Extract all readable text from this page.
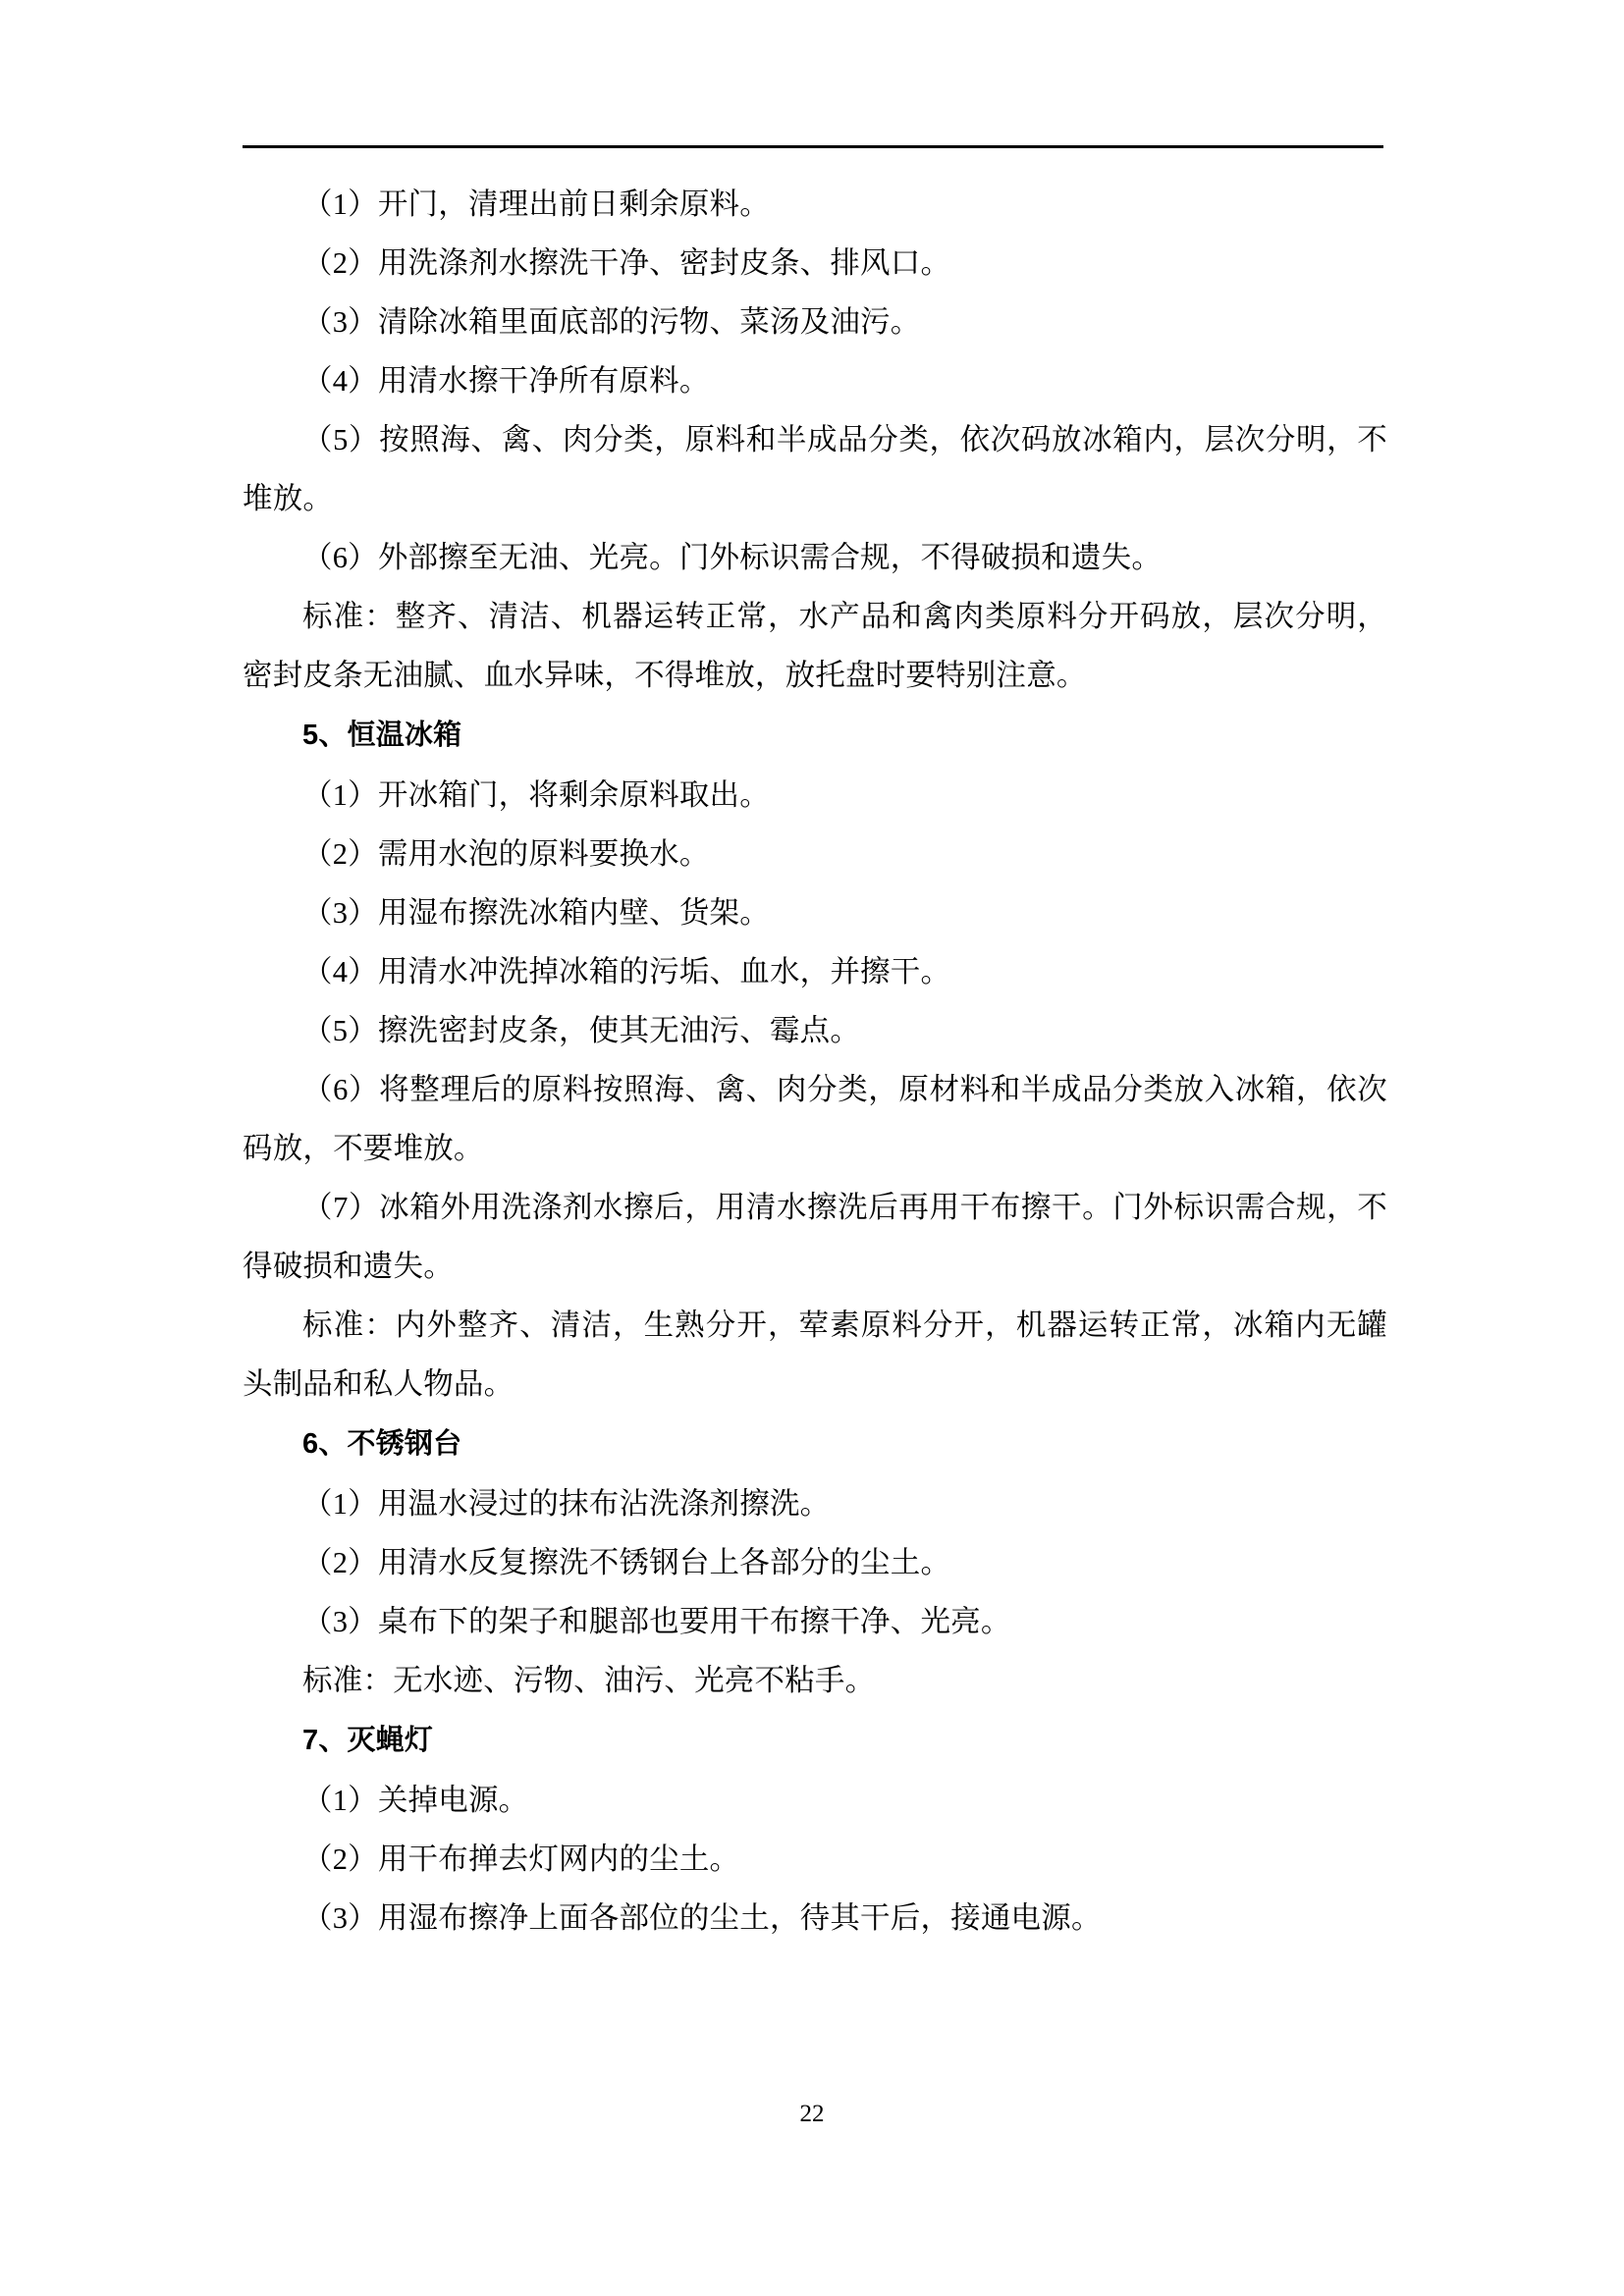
（1）开门，清理出前日剩余原料。

（2）用洗涤剂水擦洗干净、密封皮条、排风口。

（3）清除冰箱里面底部的污物、菜汤及油污。

（4）用清水擦干净所有原料。

（5）按照海、禽、肉分类，原料和半成品分类，依次码放冰箱内，层次分明，不堆放。

（6）外部擦至无油、光亮。门外标识需合规，不得破损和遗失。

标准：整齐、清洁、机器运转正常，水产品和禽肉类原料分开码放，层次分明，密封皮条无油腻、血水异味，不得堆放，放托盘时要特别注意。

5、恒温冰箱

（1）开冰箱门，将剩余原料取出。

（2）需用水泡的原料要换水。

（3）用湿布擦洗冰箱内壁、货架。

（4）用清水冲洗掉冰箱的污垢、血水，并擦干。

（5）擦洗密封皮条，使其无油污、霉点。

（6）将整理后的原料按照海、禽、肉分类，原材料和半成品分类放入冰箱，依次码放，不要堆放。

（7）冰箱外用洗涤剂水擦后，用清水擦洗后再用干布擦干。门外标识需合规，不得破损和遗失。

标准：内外整齐、清洁，生熟分开，荤素原料分开，机器运转正常，冰箱内无罐头制品和私人物品。

6、不锈钢台

（1）用温水浸过的抹布沾洗涤剂擦洗。

（2）用清水反复擦洗不锈钢台上各部分的尘土。

（3）桌布下的架子和腿部也要用干布擦干净、光亮。

标准：无水迹、污物、油污、光亮不粘手。

7、灭蝇灯

（1）关掉电源。

（2）用干布掸去灯网内的尘土。

（3）用湿布擦净上面各部位的尘土，待其干后，接通电源。

22
